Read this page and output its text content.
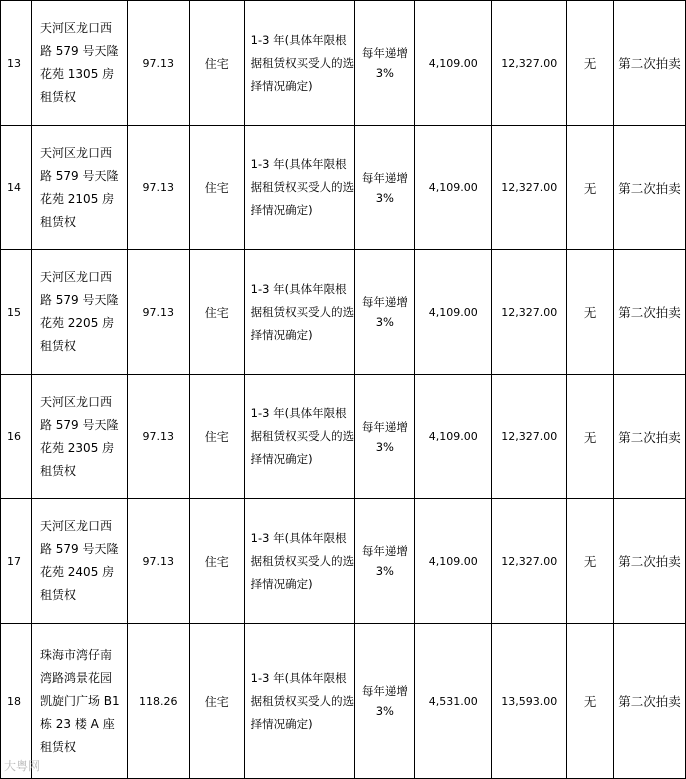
13	天河区龙口西路 579 号天隆花苑 1305 房租赁权	97.13	住宅	1-3 年(具体年限根据租赁权买受人的选择情况确定)	每年递增 3%	4,109.00	12,327.00	无	第二次拍卖
14	天河区龙口西路 579 号天隆花苑 2105 房租赁权	97.13	住宅	1-3 年(具体年限根据租赁权买受人的选择情况确定)	每年递增 3%	4,109.00	12,327.00	无	第二次拍卖
15	天河区龙口西路 579 号天隆花苑 2205 房租赁权	97.13	住宅	1-3 年(具体年限根据租赁权买受人的选择情况确定)	每年递增 3%	4,109.00	12,327.00	无	第二次拍卖
16	天河区龙口西路 579 号天隆花苑 2305 房租赁权	97.13	住宅	1-3 年(具体年限根据租赁权买受人的选择情况确定)	每年递增 3%	4,109.00	12,327.00	无	第二次拍卖
17	天河区龙口西路 579 号天隆花苑 2405 房租赁权	97.13	住宅	1-3 年(具体年限根据租赁权买受人的选择情况确定)	每年递增 3%	4,109.00	12,327.00	无	第二次拍卖
18	珠海市湾仔南湾路鸿景花园凯旋门广场 B1 栋 23 楼 A 座租赁权	118.26	住宅	1-3 年(具体年限根据租赁权买受人的选择情况确定)	每年递增 3%	4,531.00	13,593.00	无	第二次拍卖
大粤网
